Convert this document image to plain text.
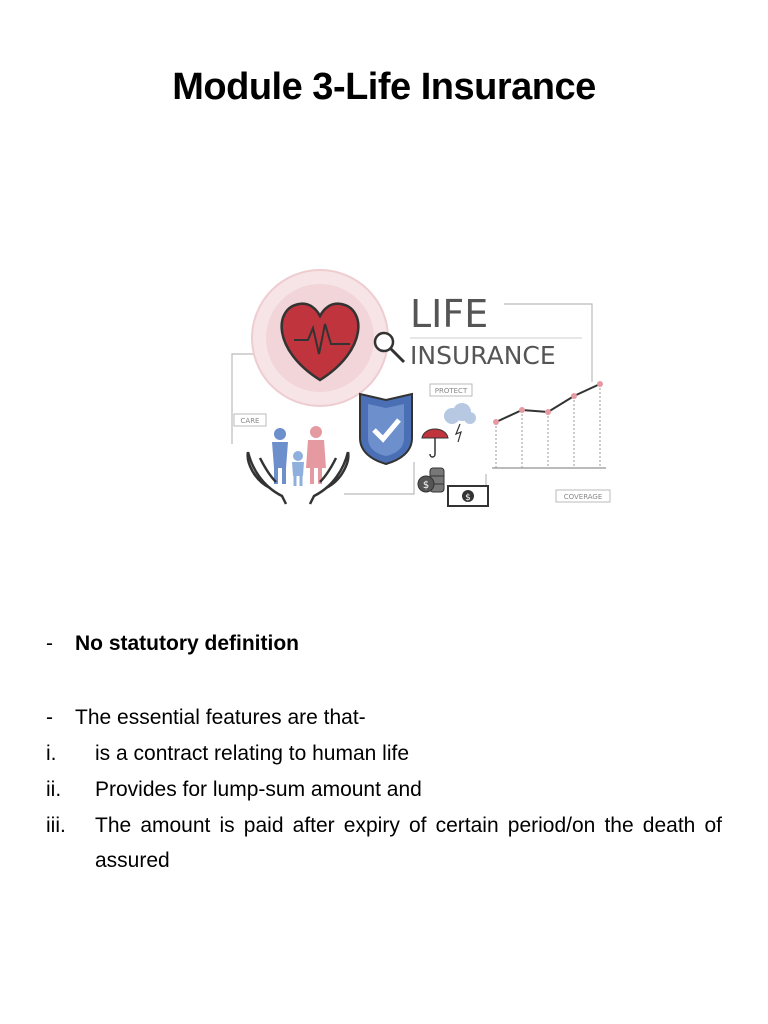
Module 3-Life Insurance
LIFE
INSURANCE
CARE
PROTECT
COVERAGE
$
$
-	No statutory definition
-	The essential features are that-
i.	is a contract relating to human life
ii.	Provides for lump-sum amount and
iii.	The amount is paid after expiry of certain period/on the death of assured
